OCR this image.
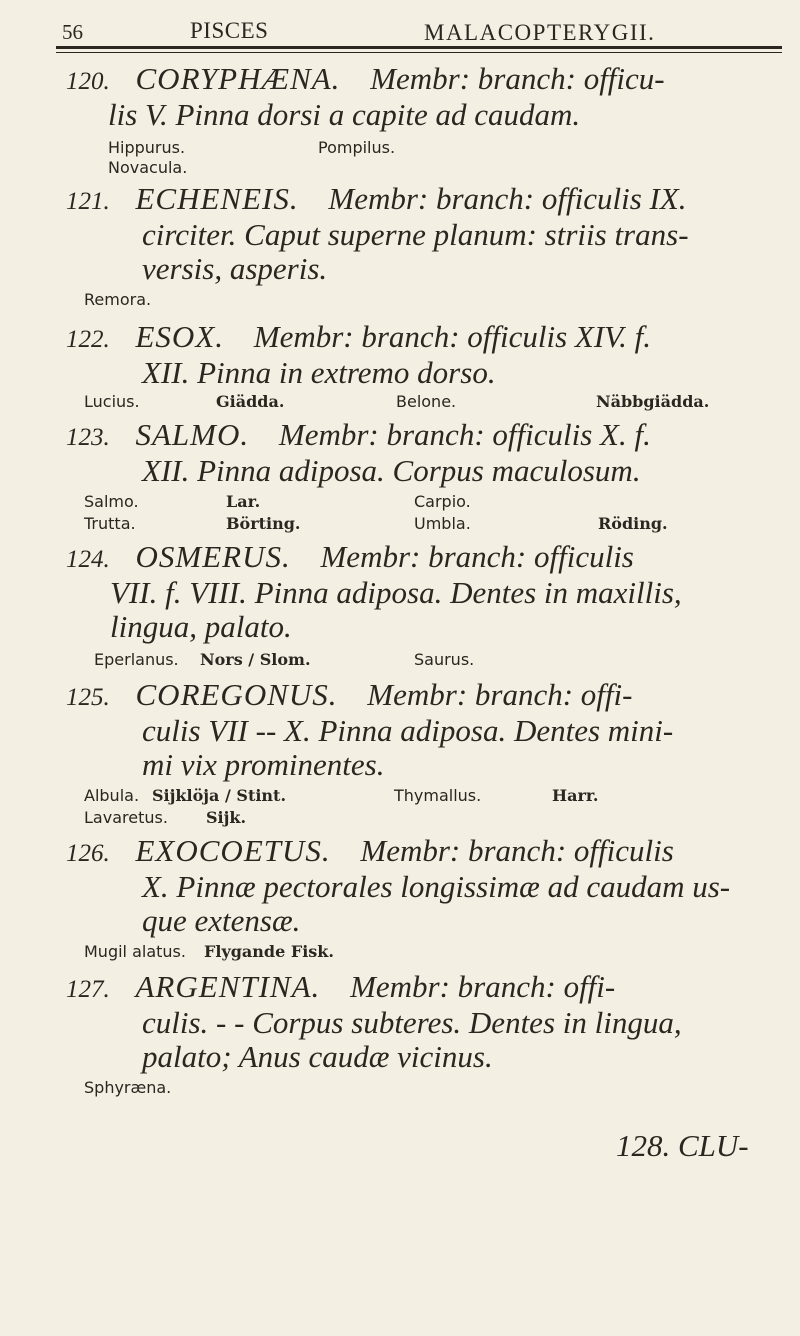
56	PISCES	MALACOPTERYGII.
120. CORYPHÆNA. Membr: branch: officu-
lis V. Pinna dorsi a capite ad caudam.
Hippurus.	Pompilus.
Novacula.
121. ECHENEIS. Membr: branch: officulis IX.
circiter. Caput superne planum: striis trans-
versis, asperis.
Remora.
122. ESOX. Membr: branch: officulis XIV. f.
XII. Pinna in extremo dorso.
Lucius.	Giädda.	Belone.	Näbbgiädda.
123. SALMO. Membr: branch: officulis X. f.
XII. Pinna adiposa. Corpus maculosum.
Salmo.	Lar.	Carpio.
Trutta.	Börting.	Umbla.	Röding.
124. OSMERUS. Membr: branch: officulis
VII. f. VIII. Pinna adiposa. Dentes in maxillis,
lingua, palato.
Eperlanus. Nors / Slom.	Saurus.
125. COREGONUS. Membr: branch: offi-
culis VII -- X. Pinna adiposa. Dentes mini-
mi vix prominentes.
Albula. Sijklöja / Stint.	Thymallus.	Harr.
Lavaretus. Sijk.
126. EXOCOETUS. Membr: branch: officulis
X. Pinnæ pectorales longissimæ ad caudam us-
que extensæ.
Mugil alatus. Flygande Fisk.
127. ARGENTINA. Membr: branch: offi-
culis. - - Corpus subteres. Dentes in lingua,
palato; Anus caudæ vicinus.
Sphyræna.
128. CLU-
